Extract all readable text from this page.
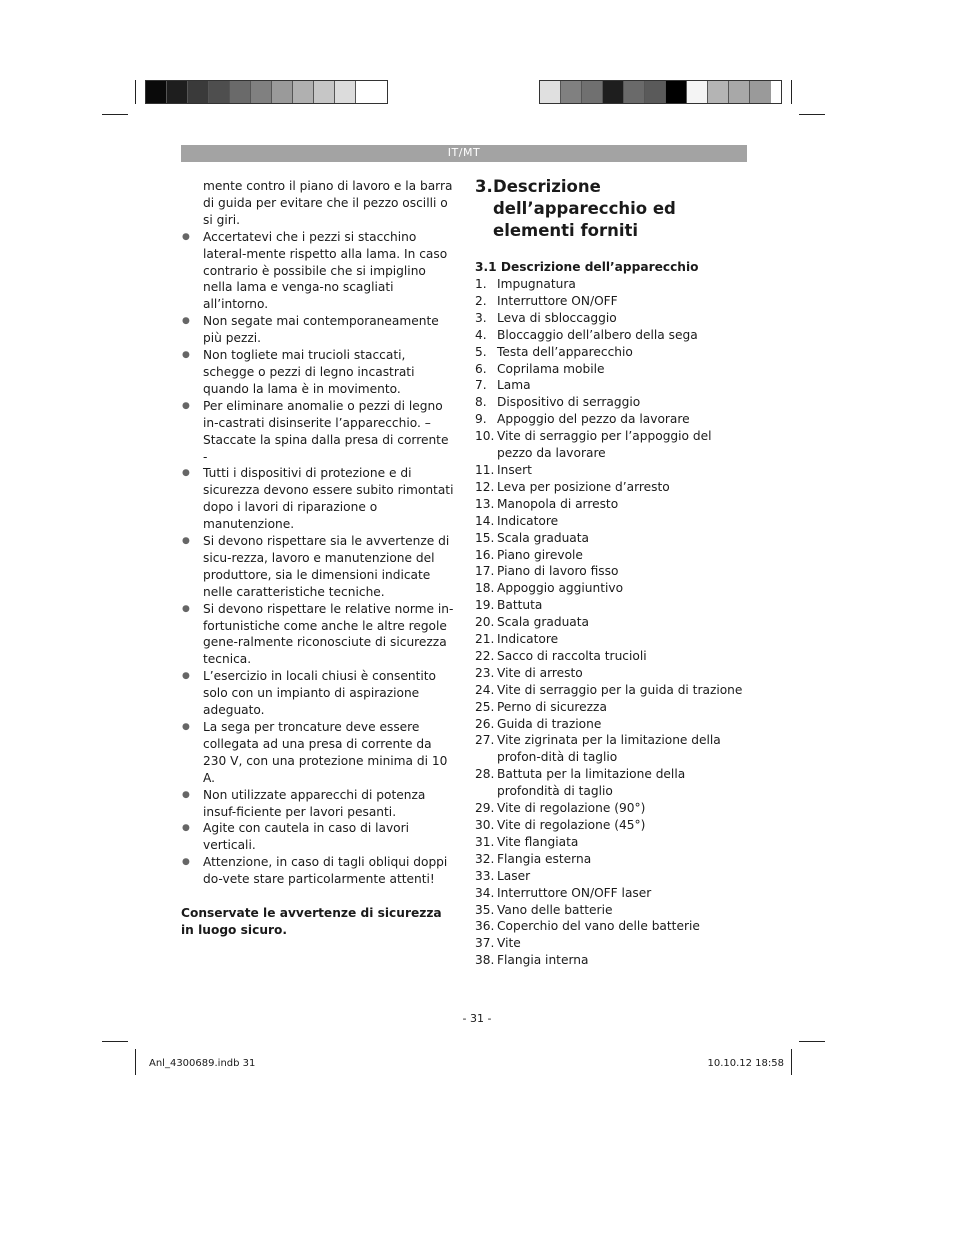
IT/MT

mente contro il piano di lavoro e la barra di guida per evitare che il pezzo oscilli o si giri.

● Accertatevi che i pezzi si stacchino lateral-mente rispetto alla lama. In caso contrario è possibile che si impiglino nella lama e venga-no scagliati all’intorno.
● Non segate mai contemporaneamente più pezzi.
● Non togliete mai trucioli staccati, schegge o pezzi di legno incastrati quando la lama è in movimento.
● Per eliminare anomalie o pezzi di legno in-castrati disinserite l’apparecchio. – Staccate la spina dalla presa di corrente -
● Tutti i dispositivi di protezione e di sicurezza devono essere subito rimontati dopo i lavori di riparazione o manutenzione.
● Si devono rispettare sia le avvertenze di sicu-rezza, lavoro e manutenzione del produttore, sia le dimensioni indicate nelle caratteristiche tecniche.
● Si devono rispettare le relative norme in-fortunistiche come anche le altre regole gene-ralmente riconosciute di sicurezza tecnica.
● L’esercizio in locali chiusi è consentito solo con un impianto di aspirazione adeguato.
● La sega per troncature deve essere collegata ad una presa di corrente da 230 V, con una protezione minima di 10 A.
● Non utilizzate apparecchi di potenza insuf-ficiente per lavori pesanti.
● Agite con cautela in caso di lavori verticali.
● Attenzione, in caso di tagli obliqui doppi do-vete stare particolarmente attenti!
Conservate le avvertenze di sicurezza in luogo sicuro.
3. Descrizione dell’apparecchio ed elementi forniti
3.1 Descrizione dell’apparecchio
1. Impugnatura
2. Interruttore ON/OFF
3. Leva di sbloccaggio
4. Bloccaggio dell’albero della sega
5. Testa dell’apparecchio
6. Coprilama mobile
7. Lama
8. Dispositivo di serraggio
9. Appoggio del pezzo da lavorare
10. Vite di serraggio per l’appoggio del pezzo da lavorare
11. Insert
12. Leva per posizione d’arresto
13. Manopola di arresto
14. Indicatore
15. Scala graduata
16. Piano girevole
17. Piano di lavoro fisso
18. Appoggio aggiuntivo
19. Battuta
20. Scala graduata
21. Indicatore
22. Sacco di raccolta trucioli
23. Vite di arresto
24. Vite di serraggio per la guida di trazione
25. Perno di sicurezza
26. Guida di trazione
27. Vite zigrinata per la limitazione della profon-dità di taglio
28. Battuta per la limitazione della profondità di taglio
29. Vite di regolazione (90°)
30. Vite di regolazione (45°)
31. Vite flangiata
32. Flangia esterna
33. Laser
34. Interruttore ON/OFF laser
35. Vano delle batterie
36. Coperchio del vano delle batterie
37. Vite
38. Flangia interna
- 31 -
Anl_4300689.indb 31	10.10.12 18:58
